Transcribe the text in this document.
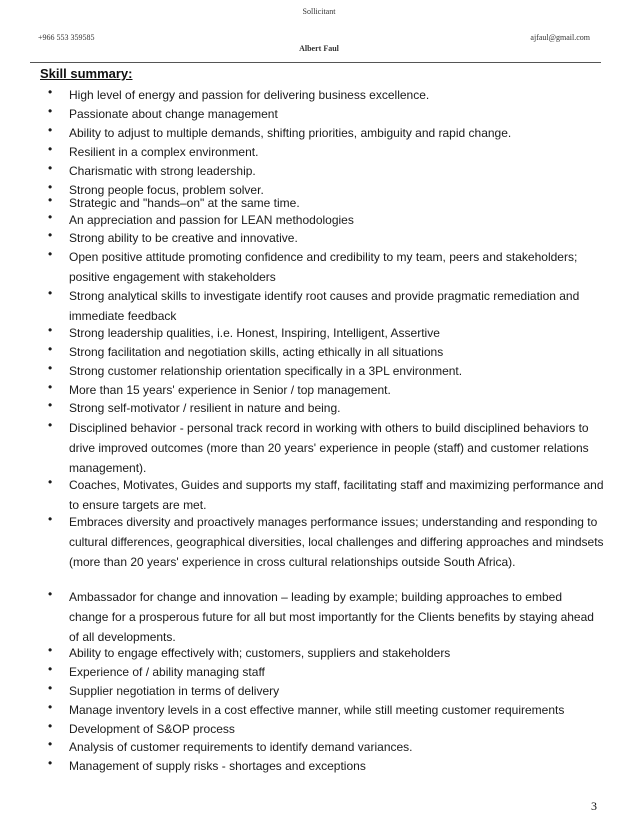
Sollicitant
+966 553 359585	ajfaul@gmail.com
Albert Faul
Skill summary:
• High level of energy and passion for delivering business excellence.
• Passionate about change management
• Ability to adjust to multiple demands, shifting priorities, ambiguity and rapid change.
• Resilient in a complex environment.
• Charismatic with strong leadership.
• Strong people focus, problem solver.
• Strategic and "hands–on" at the same time.
• An appreciation and passion for LEAN methodologies
• Strong ability to be creative and innovative.
• Open positive attitude promoting confidence and credibility to my team, peers and stakeholders; positive engagement with stakeholders
• Strong analytical skills to investigate identify root causes and provide pragmatic remediation and immediate feedback
• Strong leadership qualities, i.e. Honest, Inspiring, Intelligent, Assertive
• Strong facilitation and negotiation skills, acting ethically in all situations
• Strong customer relationship orientation specifically in a 3PL environment.
• More than 15 years' experience in Senior / top management.
• Strong self-motivator / resilient in nature and being.
• Disciplined behavior - personal track record in working with others to build disciplined behaviors to drive improved outcomes (more than 20 years' experience in people (staff) and customer relations management).
• Coaches, Motivates, Guides and supports my staff, facilitating staff and maximizing performance and to ensure targets are met.
• Embraces diversity and proactively manages performance issues; understanding and responding to cultural differences, geographical diversities, local challenges and differing approaches and mindsets (more than 20 years' experience in cross cultural relationships outside South Africa).
• Ambassador for change and innovation – leading by example; building approaches to embed change for a prosperous future for all but most importantly for the Clients benefits by staying ahead of all developments.
• Ability to engage effectively with; customers, suppliers and stakeholders
• Experience of / ability managing staff
• Supplier negotiation in terms of delivery
• Manage inventory levels in a cost effective manner, while still meeting customer requirements
• Development of S&OP process
• Analysis of customer requirements to identify demand variances.
• Management of supply risks - shortages and exceptions
3
